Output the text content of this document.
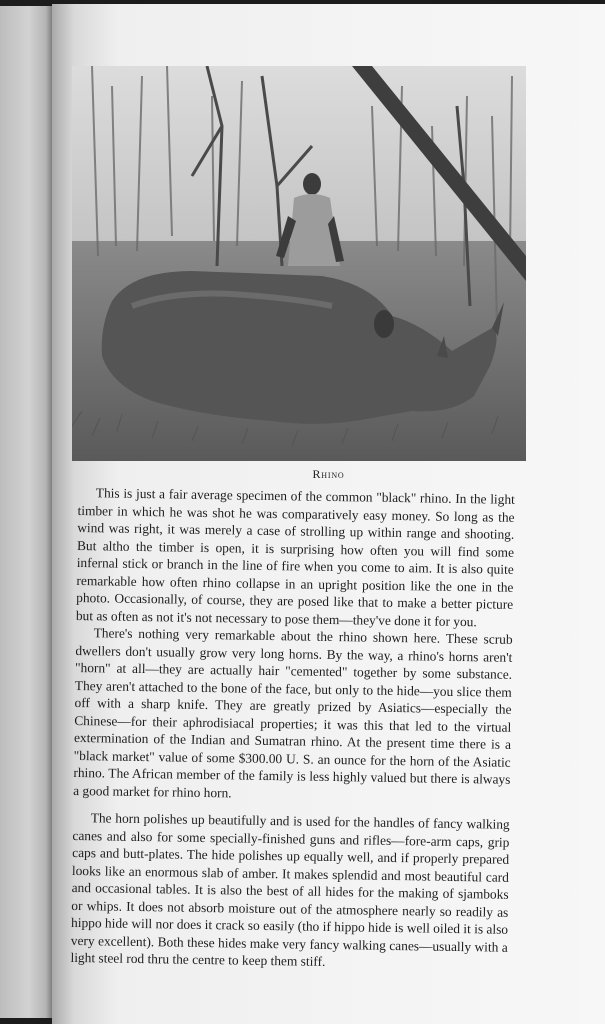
Rhino

This is just a fair average specimen of the common "black" rhino. In the light timber in which he was shot he was comparatively easy money. So long as the wind was right, it was merely a case of strolling up within range and shooting. But altho the timber is open, it is surprising how often you will find some infernal stick or branch in the line of fire when you come to aim. It is also quite remarkable how often rhino collapse in an upright position like the one in the photo. Occasionally, of course, they are posed like that to make a better picture but as often as not it's not necessary to pose them—they've done it for you.

There's nothing very remarkable about the rhino shown here. These scrub dwellers don't usually grow very long horns. By the way, a rhino's horns aren't "horn" at all—they are actually hair "cemented" together by some substance. They aren't attached to the bone of the face, but only to the hide—you slice them off with a sharp knife. They are greatly prized by Asiatics—especially the Chinese—for their aphrodisiacal properties; it was this that led to the virtual extermination of the Indian and Sumatran rhino. At the present time there is a "black market" value of some $300.00 U. S. an ounce for the horn of the Asiatic rhino. The African member of the family is less highly valued but there is always a good market for rhino horn.

The horn polishes up beautifully and is used for the handles of fancy walking canes and also for some specially-finished guns and rifles—fore-arm caps, grip caps and butt-plates. The hide polishes up equally well, and if properly prepared looks like an enormous slab of amber. It makes splendid and most beautiful card and occasional tables. It is also the best of all hides for the making of sjamboks or whips. It does not absorb moisture out of the atmosphere nearly so readily as hippo hide will nor does it crack so easily (tho if hippo hide is well oiled it is also very excellent). Both these hides make very fancy walking canes—usually with a light steel rod thru the centre to keep them stiff.
